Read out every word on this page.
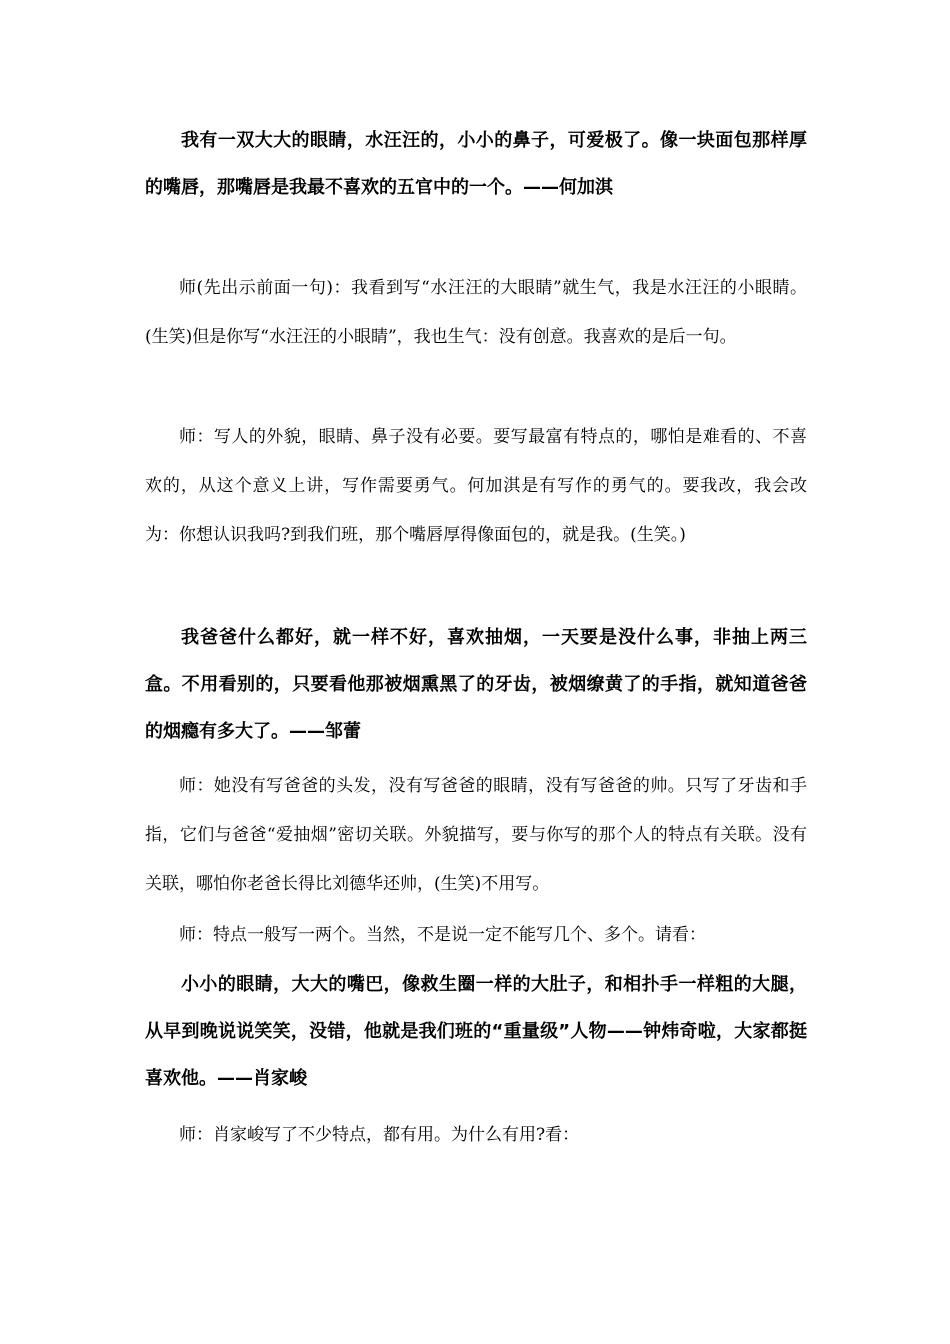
我有一双大大的眼睛，水汪汪的，小小的鼻子，可爱极了。像一块面包那样厚的嘴唇，那嘴唇是我最不喜欢的五官中的一个。——何加淇

师(先出示前面一句)：我看到写“水汪汪的大眼睛”就生气，我是水汪汪的小眼睛。(生笑)但是你写“水汪汪的小眼睛”，我也生气：没有创意。我喜欢的是后一句。

师：写人的外貌，眼睛、鼻子没有必要。要写最富有特点的，哪怕是难看的、不喜欢的，从这个意义上讲，写作需要勇气。何加淇是有写作的勇气的。要我改，我会改为：你想认识我吗?到我们班，那个嘴唇厚得像面包的，就是我。(生笑。)

我爸爸什么都好，就一样不好，喜欢抽烟，一天要是没什么事，非抽上两三盒。不用看别的，只要看他那被烟熏黑了的牙齿，被烟缭黄了的手指，就知道爸爸的烟瘾有多大了。——邹蕾

师：她没有写爸爸的头发，没有写爸爸的眼睛，没有写爸爸的帅。只写了牙齿和手指，它们与爸爸“爱抽烟”密切关联。外貌描写，要与你写的那个人的特点有关联。没有关联，哪怕你老爸长得比刘德华还帅，(生笑)不用写。

师：特点一般写一两个。当然，不是说一定不能写几个、多个。请看：

小小的眼睛，大大的嘴巴，像救生圈一样的大肚子，和相扑手一样粗的大腿，从早到晚说说笑笑，没错，他就是我们班的“重量级”人物——钟炜奇啦，大家都挺喜欢他。——肖家峻

师：肖家峻写了不少特点，都有用。为什么有用?看：
